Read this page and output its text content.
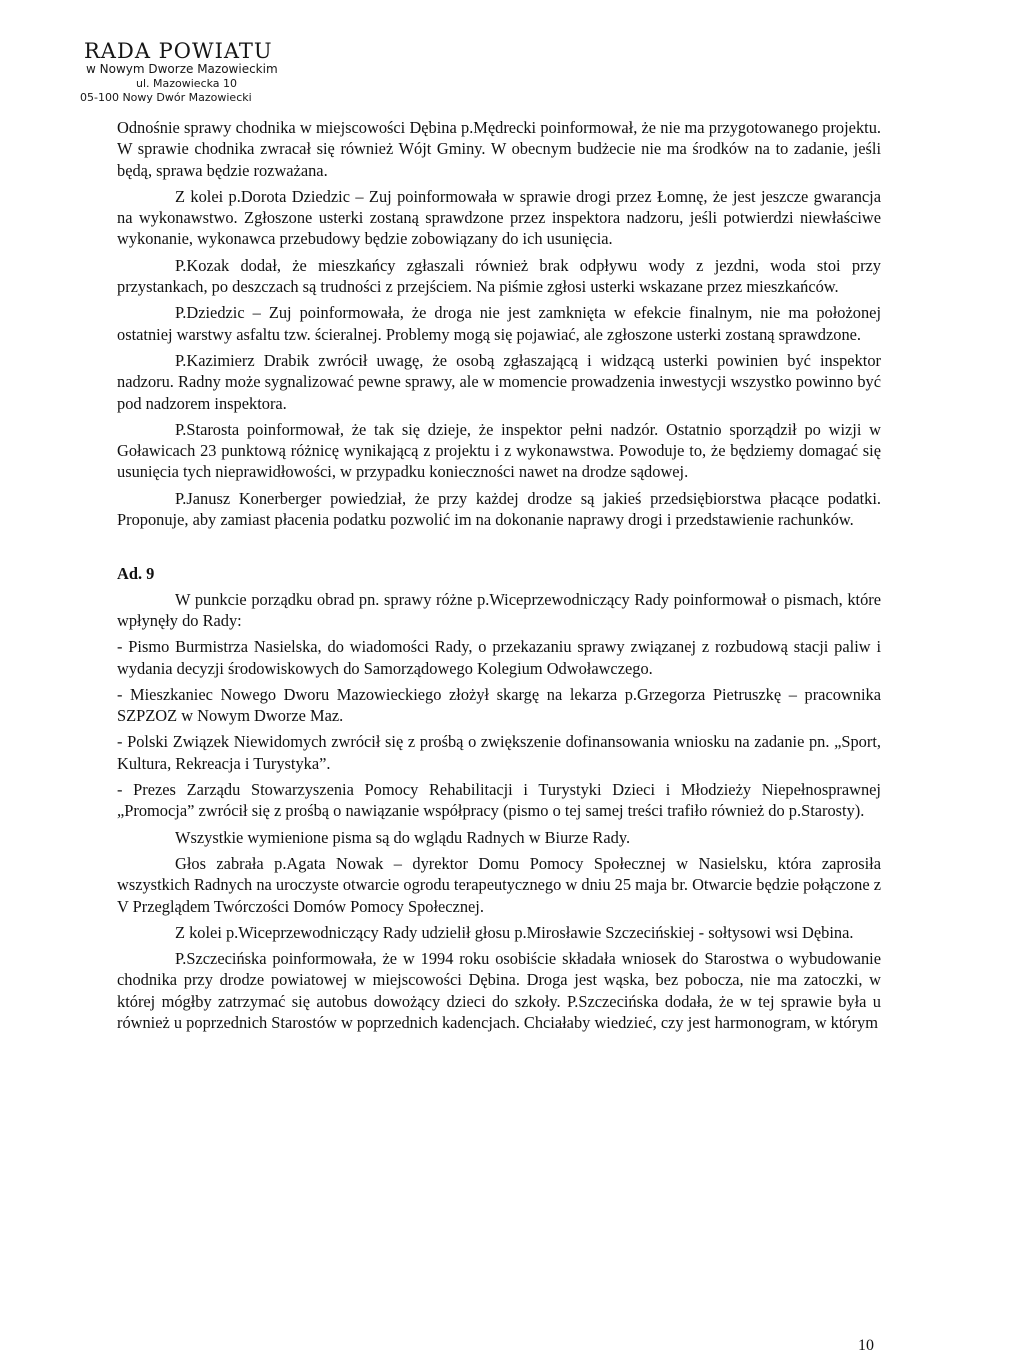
RADA POWIATU
w Nowym Dworze Mazowieckim
ul. Mazowiecka 10
05-100 Nowy Dwór Mazowiecki

Odnośnie sprawy chodnika w miejscowości Dębina p.Mędrecki poinformował, że nie ma przygotowanego projektu. W sprawie chodnika zwracał się również Wójt Gminy. W obecnym budżecie nie ma środków na to zadanie, jeśli będą, sprawa będzie rozważana.

Z kolei p.Dorota Dziedzic – Zuj poinformowała w sprawie drogi przez Łomnę, że jest jeszcze gwarancja na wykonawstwo. Zgłoszone usterki zostaną sprawdzone przez inspektora nadzoru, jeśli potwierdzi niewłaściwe wykonanie, wykonawca przebudowy będzie zobowiązany do ich usunięcia.

P.Kozak dodał, że mieszkańcy zgłaszali również brak odpływu wody z jezdni, woda stoi przy przystankach, po deszczach są trudności z przejściem. Na piśmie zgłosi usterki wskazane przez mieszkańców.

P.Dziedzic – Zuj poinformowała, że droga nie jest zamknięta w efekcie finalnym, nie ma położonej ostatniej warstwy asfaltu tzw. ścieralnej. Problemy mogą się pojawiać, ale zgłoszone usterki zostaną sprawdzone.

P.Kazimierz Drabik zwrócił uwagę, że osobą zgłaszającą i widzącą usterki powinien być inspektor nadzoru. Radny może sygnalizować pewne sprawy, ale w momencie prowadzenia inwestycji wszystko powinno być pod nadzorem inspektora.

P.Starosta poinformował, że tak się dzieje, że inspektor pełni nadzór. Ostatnio sporządził po wizji w Goławicach 23 punktową różnicę wynikającą z projektu i z wykonawstwa. Powoduje to, że będziemy domagać się usunięcia tych nieprawidłowości, w przypadku konieczności nawet na drodze sądowej.

P.Janusz Konerberger powiedział, że przy każdej drodze są jakieś przedsiębiorstwa płacące podatki. Proponuje, aby zamiast płacenia podatku pozwolić im na dokonanie naprawy drogi i przedstawienie rachunków.

Ad. 9

W punkcie porządku obrad pn. sprawy różne p.Wiceprzewodniczący Rady poinformował o pismach, które wpłynęły do Rady:

- Pismo Burmistrza Nasielska, do wiadomości Rady, o przekazaniu sprawy związanej z rozbudową stacji paliw i wydania decyzji środowiskowych do Samorządowego Kolegium Odwoławczego.

- Mieszkaniec Nowego Dworu Mazowieckiego złożył skargę na lekarza p.Grzegorza Pietruszkę – pracownika SZPZOZ w Nowym Dworze Maz.

- Polski Związek Niewidomych zwrócił się z prośbą o zwiększenie dofinansowania wniosku na zadanie pn. „Sport, Kultura, Rekreacja i Turystyka”.

- Prezes Zarządu Stowarzyszenia Pomocy Rehabilitacji i Turystyki Dzieci i Młodzieży Niepełnosprawnej „Promocja” zwrócił się z prośbą o nawiązanie współpracy (pismo o tej samej treści trafiło również do p.Starosty).

Wszystkie wymienione pisma są do wglądu Radnych w Biurze Rady.

Głos zabrała p.Agata Nowak – dyrektor Domu Pomocy Społecznej w Nasielsku, która zaprosiła wszystkich Radnych na uroczyste otwarcie ogrodu terapeutycznego w dniu 25 maja br. Otwarcie będzie połączone z V Przeglądem Twórczości Domów Pomocy Społecznej.

Z kolei p.Wiceprzewodniczący Rady udzielił głosu p.Mirosławie Szczecińskiej - sołtysowi wsi Dębina.

P.Szczecińska poinformowała, że w 1994 roku osobiście składała wniosek do Starostwa o wybudowanie chodnika przy drodze powiatowej w miejscowości Dębina. Droga jest wąska, bez pobocza, nie ma zatoczki, w której mógłby zatrzymać się autobus dowożący dzieci do szkoły. P.Szczecińska dodała, że w tej sprawie była u również u poprzednich Starostów w poprzednich kadencjach. Chciałaby wiedzieć, czy jest harmonogram, w którym

10
